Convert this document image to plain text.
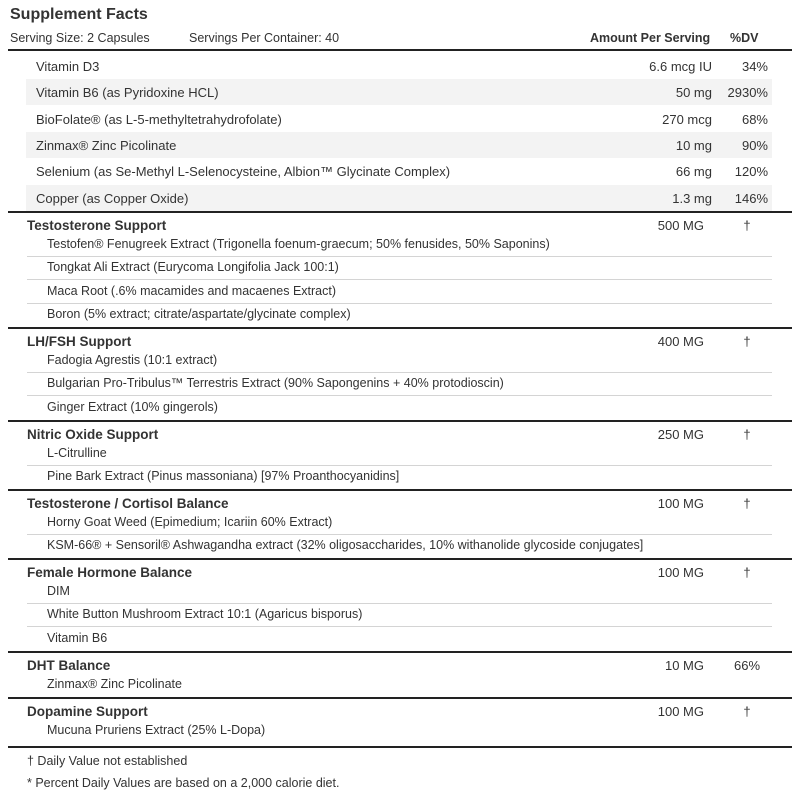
Supplement Facts
Serving Size: 2 Capsules	Servings Per Container: 40	Amount Per Serving %DV
Vitamin D3	6.6 mcg IU	34%
Vitamin B6 (as Pyridoxine HCL)	50 mg	2930%
BioFolate® (as L-5-methyltetrahydrofolate)	270 mcg	68%
Zinmax® Zinc Picolinate	10 mg	90%
Selenium (as Se-Methyl L-Selenocysteine, Albion™ Glycinate Complex)	66 mg	120%
Copper (as Copper Oxide)	1.3 mg	146%
Testosterone Support	500 MG	†
Testofen® Fenugreek Extract (Trigonella foenum-graecum; 50% fenusides, 50% Saponins)
Tongkat Ali Extract (Eurycoma Longifolia Jack 100:1)
Maca Root (.6% macamides and macaenes Extract)
Boron (5% extract; citrate/aspartate/glycinate complex)
LH/FSH Support	400 MG	†
Fadogia Agrestis (10:1 extract)
Bulgarian Pro-Tribulus™ Terrestris Extract (90% Sapongenins + 40% protodioscin)
Ginger Extract (10% gingerols)
Nitric Oxide Support	250 MG	†
L-Citrulline
Pine Bark Extract (Pinus massoniana) [97% Proanthocyanidins]
Testosterone / Cortisol Balance	100 MG	†
Horny Goat Weed (Epimedium; Icariin 60% Extract)
KSM-66® + Sensoril® Ashwagandha extract (32% oligosaccharides, 10% withanolide glycoside conjugates]
Female Hormone Balance	100 MG	†
DIM
White Button Mushroom Extract 10:1 (Agaricus bisporus)
Vitamin B6
DHT Balance	10 MG	66%
Zinmax® Zinc Picolinate
Dopamine Support	100 MG	†
Mucuna Pruriens Extract (25% L-Dopa)
† Daily Value not established
* Percent Daily Values are based on a 2,000 calorie diet.
